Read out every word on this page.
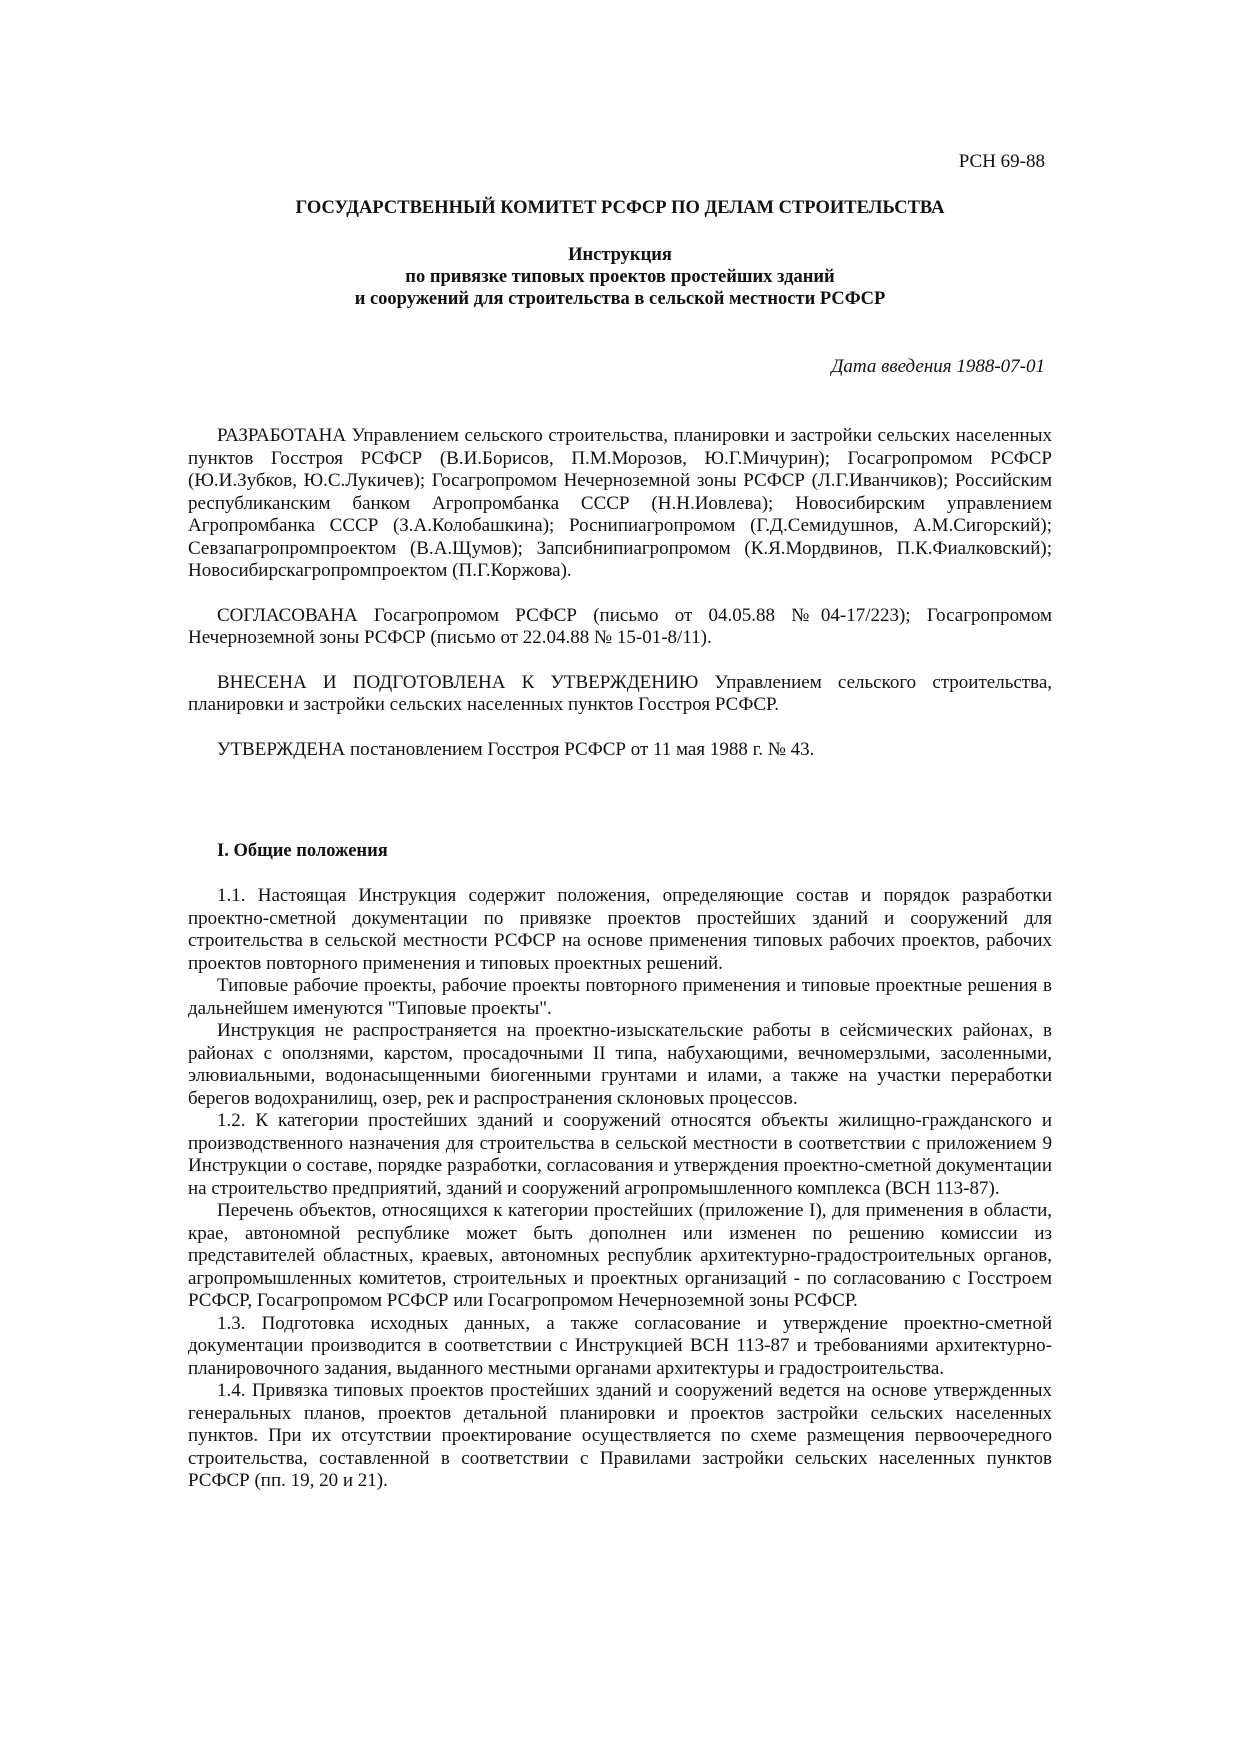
РСН 69-88
ГОСУДАРСТВЕННЫЙ КОМИТЕТ РСФСР ПО ДЕЛАМ СТРОИТЕЛЬСТВА
Инструкция
по привязке типовых проектов простейших зданий
и сооружений для строительства в сельской местности РСФСР
Дата введения 1988-07-01

РАЗРАБОТАНА Управлением сельского строительства, планировки и застройки сельских населенных пунктов Госстроя РСФСР (В.И.Борисов, П.М.Морозов, Ю.Г.Мичурин); Госагропромом РСФСР (Ю.И.Зубков, Ю.С.Лукичев); Госагропромом Нечерноземной зоны РСФСР (Л.Г.Иванчиков); Российским республиканским банком Агропромбанка СССР (Н.Н.Иовлева); Новосибирским управлением Агропромбанка СССР (З.А.Колобашкина); Роснипиагропромом (Г.Д.Семидушнов, А.М.Сигорский); Севзапагропромпроектом (В.А.Щумов); Запсибнипиагропромом (К.Я.Мордвинов, П.К.Фиалковский); Новосибирскагропромпроектом (П.Г.Коржова).

СОГЛАСОВАНА Госагропромом РСФСР (письмо от 04.05.88 №04-17/223); Госагропромом Нечерноземной зоны РСФСР (письмо от 22.04.88 № 15-01-8/11).

ВНЕСЕНА И ПОДГОТОВЛЕНА К УТВЕРЖДЕНИЮ Управлением сельского строительства, планировки и застройки сельских населенных пунктов Госстроя РСФСР.

УТВЕРЖДЕНА постановлением Госстроя РСФСР от 11 мая 1988 г. № 43.

I. Общие положения

1.1. Настоящая Инструкция содержит положения, определяющие состав и порядок разработки проектно-сметной документации по привязке проектов простейших зданий и сооружений для строительства в сельской местности РСФСР на основе применения типовых рабочих проектов, рабочих проектов повторного применения и типовых проектных решений.

Типовые рабочие проекты, рабочие проекты повторного применения и типовые проектные решения в дальнейшем именуются "Типовые проекты".

Инструкция не распространяется на проектно-изыскательские работы в сейсмических районах, в районах с оползнями, карстом, просадочными II типа, набухающими, вечномерзлыми, засоленными, элювиальными, водонасыщенными биогенными грунтами и илами, а также на участки переработки берегов водохранилищ, озер, рек и распространения склоновых процессов.

1.2. К категории простейших зданий и сооружений относятся объекты жилищно-гражданского и производственного назначения для строительства в сельской местности в соответствии с приложением 9 Инструкции о составе, порядке разработки, согласования и утверждения проектно-сметной документации на строительство предприятий, зданий и сооружений агропромышленного комплекса (ВСН 113-87).

Перечень объектов, относящихся к категории простейших (приложение I), для применения в области, крае, автономной республике может быть дополнен или изменен по решению комиссии из представителей областных, краевых, автономных республик архитектурно-градостроительных органов, агропромышленных комитетов, строительных и проектных организаций - по согласованию с Госстроем РСФСР, Госагропромом РСФСР или Госагропромом Нечерноземной зоны РСФСР.

1.3. Подготовка исходных данных, а также согласование и утверждение проектно-сметной документации производится в соответствии с Инструкцией ВСН 113-87 и требованиями архитектурно-планировочного задания, выданного местными органами архитектуры и градостроительства.

1.4. Привязка типовых проектов простейших зданий и сооружений ведется на основе утвержденных генеральных планов, проектов детальной планировки и проектов застройки сельских населенных пунктов. При их отсутствии проектирование осуществляется по схеме размещения первоочередного строительства, составленной в соответствии с Правилами застройки сельских населенных пунктов РСФСР (пп. 19, 20 и 21).
